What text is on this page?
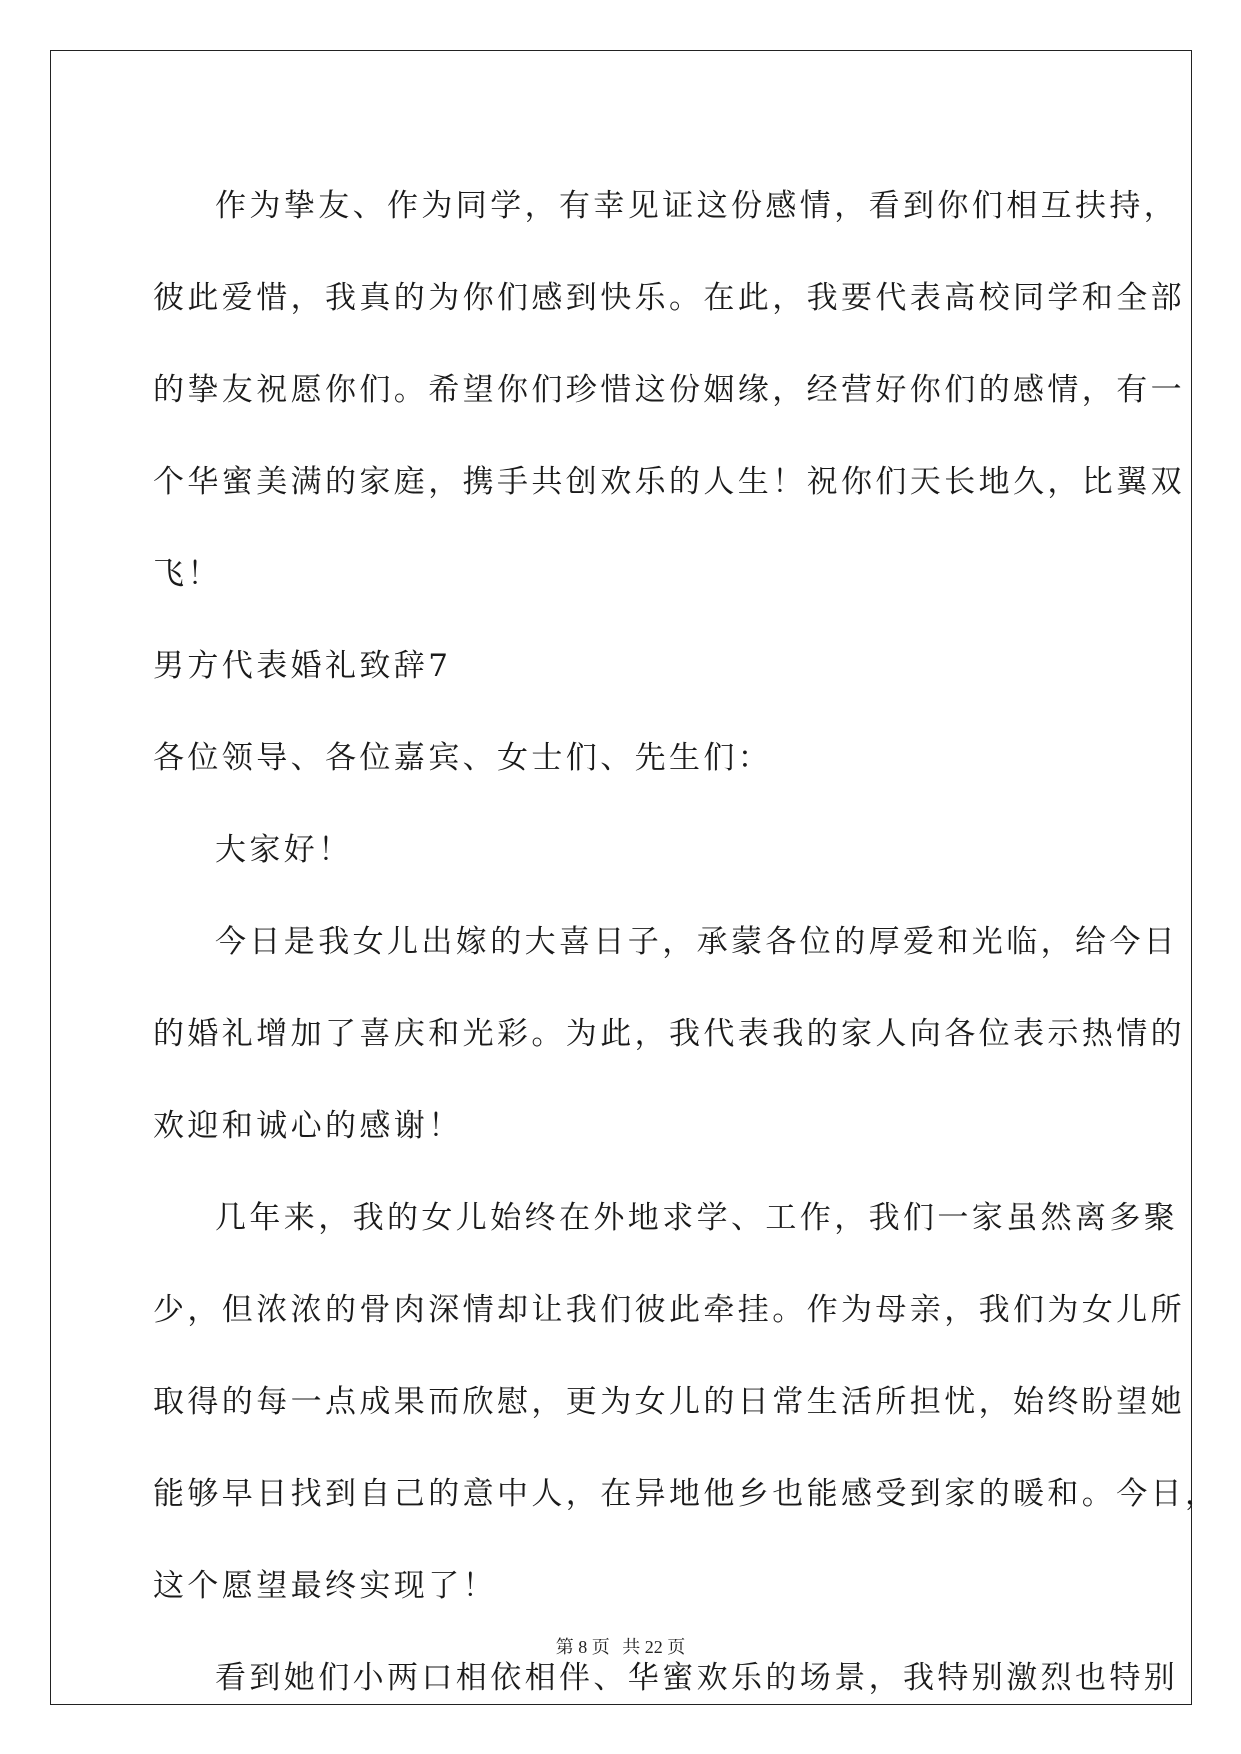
作为挚友、作为同学，有幸见证这份感情，看到你们相互扶持，
彼此爱惜，我真的为你们感到快乐。在此，我要代表高校同学和全部
的挚友祝愿你们。希望你们珍惜这份姻缘，经营好你们的感情，有一
个华蜜美满的家庭，携手共创欢乐的人生！祝你们天长地久，比翼双
飞！
男方代表婚礼致辞7
各位领导、各位嘉宾、女士们、先生们：
大家好！
今日是我女儿出嫁的大喜日子，承蒙各位的厚爱和光临，给今日
的婚礼增加了喜庆和光彩。为此，我代表我的家人向各位表示热情的
欢迎和诚心的感谢！
几年来，我的女儿始终在外地求学、工作，我们一家虽然离多聚
少，但浓浓的骨肉深情却让我们彼此牵挂。作为母亲，我们为女儿所
取得的每一点成果而欣慰，更为女儿的日常生活所担忧，始终盼望她
能够早日找到自己的意中人，在异地他乡也能感受到家的暖和。今日，
这个愿望最终实现了！
看到她们小两口相依相伴、华蜜欢乐的场景，我特别激烈也特别
第 8 页 共 22 页
